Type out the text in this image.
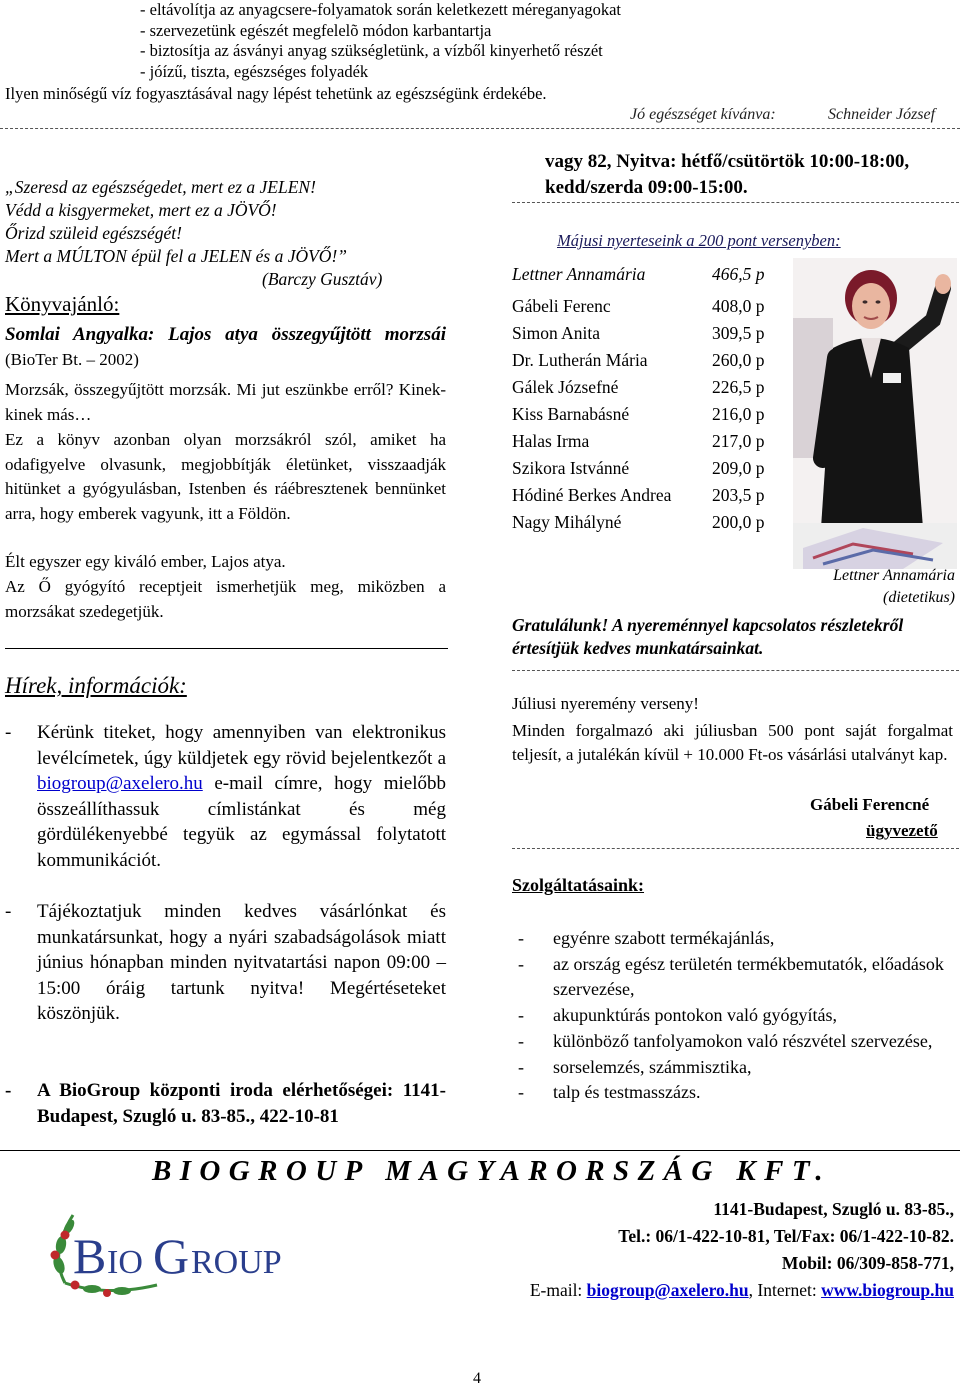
- eltávolítja az anyagcsere-folyamatok során keletkezett méreganyagokat
- szervezetünk egészét megfelelõ módon karbantartja
- biztosítja az ásványi anyag szükségletünk, a vízből kinyerhető részét
- jóízű, tiszta, egészséges folyadék
Ilyen minőségű víz fogyasztásával nagy lépést tehetünk az egészségünk érdekébe.
Jó egészséget kívánva:	Schneider József
„Szeresd az egészségedet, mert ez a JELEN!
Védd a kisgyermeket, mert ez a JÖVŐ!
Őrizd szüleid egészségét!
Mert a MÚLTON épül fel a JELEN és a JÖVŐ!”
(Barczy Gusztáv)
Könyvajánló:
Somlai Angyalka: Lajos atya összegyűjtött morzsái (BioTer Bt. – 2002)
Morzsák, összegyűjtött morzsák. Mi jut eszünkbe erről? Kinek-kinek más…
Ez a könyv azonban olyan morzsákról szól, amiket ha odafigyelve olvasunk, megjobbítják életünket, visszaadják hitünket a gyógyulásban, Istenben és ráébresztenek bennünket arra, hogy emberek vagyunk, itt a Földön.
Élt egyszer egy kiváló ember, Lajos atya.
Az Ő gyógyító receptjeit ismerhetjük meg, miközben a morzsákat szedegetjük.
Hírek, információk:
- Kérünk titeket, hogy amennyiben van elektronikus levélcímetek, úgy küldjetek egy rövid bejelentkezőt a biogroup@axelero.hu e-mail címre, hogy mielőbb összeállíthassuk címlistánkat és még gördülékenyebbé tegyük az egymással folytatott kommunikációt.
- Tájékoztatjuk minden kedves vásárlónkat és munkatársunkat, hogy a nyári szabadságolások miatt június hónapban minden nyitvatartási napon 09:00 – 15:00 óráig tartunk nyitva! Megértéseteket köszönjük.
- A BioGroup központi iroda elérhetőségei: 1141-Budapest, Szugló u. 83-85., 422-10-81
vagy 82, Nyitva: hétfő/csütörtök 10:00-18:00, kedd/szerda 09:00-15:00.
Májusi nyerteseink a 200 pont versenyben:
Lettner Annamária	466,5 p
Gábeli Ferenc	408,0 p
Simon Anita	309,5 p
Dr. Lutherán Mária	260,0 p
Gálek Józsefné	226,5 p
Kiss Barnabásné	216,0 p
Halas Irma	217,0 p
Szikora Istvánné	209,0 p
Hódiné Berkes Andrea 203,5 p
Nagy Mihályné	200,0 p
Lettner Annamária
(dietetikus)
Gratulálunk! A nyereménnyel kapcsolatos részletekről értesítjük kedves munkatársainkat.
Júliusi nyeremény verseny!
Minden forgalmazó aki júliusban 500 pont saját forgalmat teljesít, a jutalékán kívül + 10.000 Ft-os vásárlási utalványt kap.
Gábeli Ferencné
ügyvezető
Szolgáltatásaink:
- egyénre szabott termékajánlás,
- az ország egész területén termékbemutatók, előadások szervezése,
- akupunktúrás pontokon való gyógyítás,
- különböző tanfolyamokon való részvétel szervezése,
- sorselemzés, számmisztika,
- talp és testmasszázs.
BIOGROUP MAGYARORSZÁG KFT.
B IO G ROUP
1141-Budapest, Szugló u. 83-85.,
Tel.: 06/1-422-10-81, Tel/Fax: 06/1-422-10-82.
Mobil: 06/309-858-771,
E-mail: biogroup@axelero.hu, Internet: www.biogroup.hu
4
